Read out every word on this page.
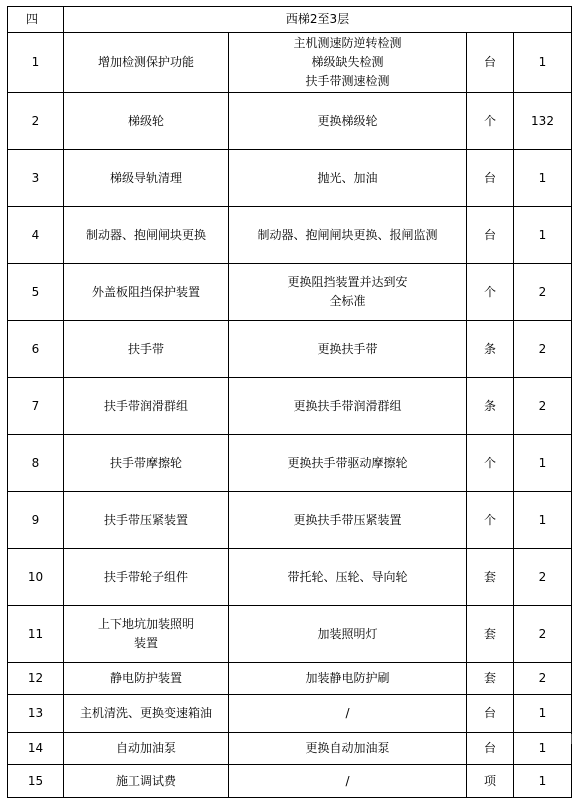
四	西梯2至3层			
1	增加检测保护功能	主机测速防逆转检测
梯级缺失检测
扶手带测速检测	台	1
2	梯级轮	更换梯级轮	个	132
3	梯级导轨清理	抛光、加油	台	1
4	制动器、抱闸闸块更换	制动器、抱闸闸块更换、报闸监测	台	1
5	外盖板阻挡保护装置	更换阻挡装置并达到安
全标准	个	2
6	扶手带	更换扶手带	条	2
7	扶手带润滑群组	更换扶手带润滑群组	条	2
8	扶手带摩擦轮	更换扶手带驱动摩擦轮	个	1
9	扶手带压紧装置	更换扶手带压紧装置	个	1
10	扶手带轮子组件	带托轮、压轮、导向轮	套	2
11	上下地坑加装照明
装置	加装照明灯	套	2
12	静电防护装置	加装静电防护刷	套	2
13	主机清洗、更换变速箱油	/	台	1
14	自动加油泵	更换自动加油泵	台	1
15	施工调试费	/	项	1
